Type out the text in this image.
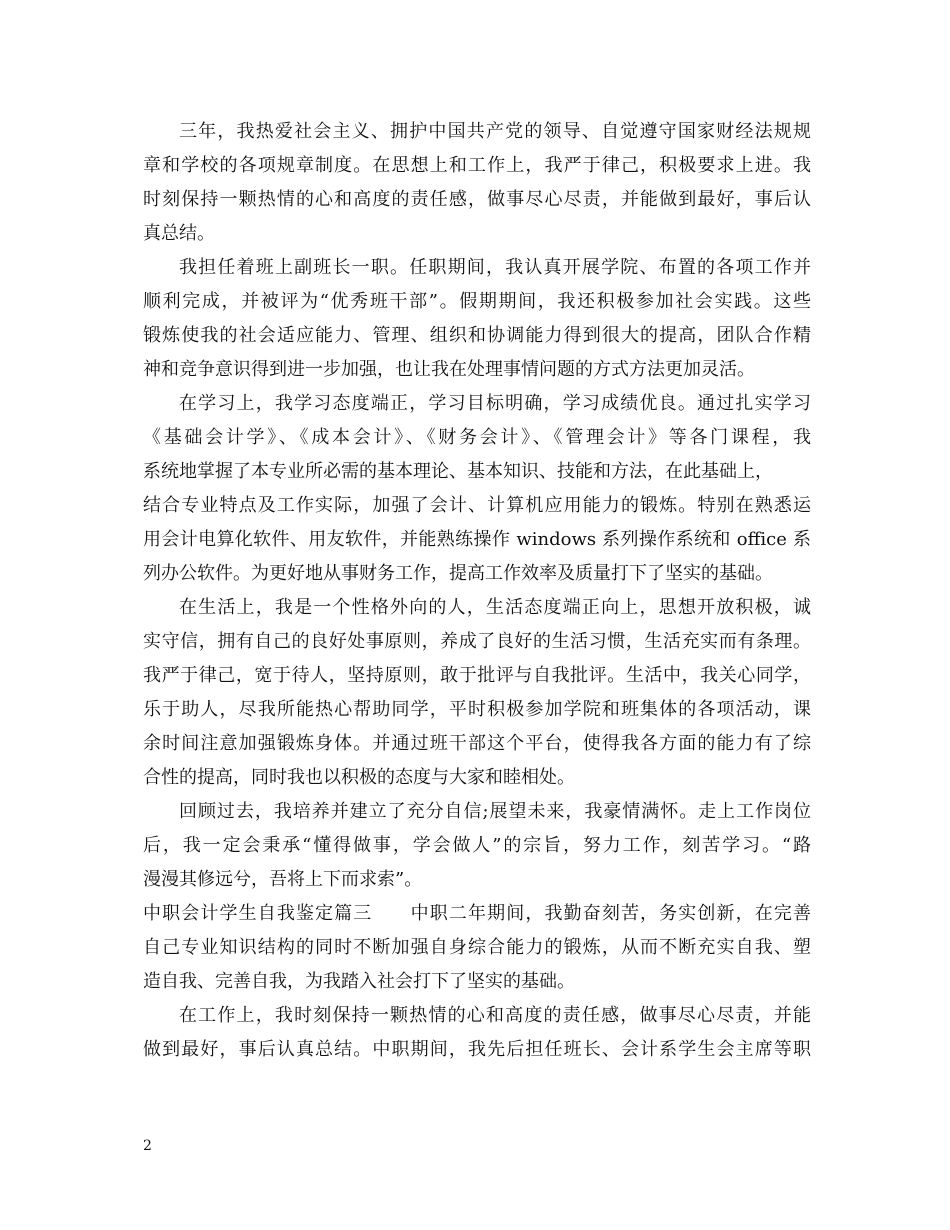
三年，我热爱社会主义、拥护中国共产党的领导、自觉遵守国家财经法规规
章和学校的各项规章制度。在思想上和工作上，我严于律己，积极要求上进。我
时刻保持一颗热情的心和高度的责任感，做事尽心尽责，并能做到最好，事后认
真总结。
我担任着班上副班长一职。任职期间，我认真开展学院、布置的各项工作并
顺利完成，并被评为“优秀班干部”。假期期间，我还积极参加社会实践。这些
锻炼使我的社会适应能力、管理、组织和协调能力得到很大的提高，团队合作精
神和竞争意识得到进一步加强，也让我在处理事情问题的方式方法更加灵活。
在学习上，我学习态度端正，学习目标明确，学习成绩优良。通过扎实学习
《基础会计学》、《成本会计》、《财务会计》、《管理会计》等各门课程，我
系统地掌握了本专业所必需的基本理论、基本知识、技能和方法，在此基础上，
结合专业特点及工作实际，加强了会计、计算机应用能力的锻炼。特别在熟悉运
用会计电算化软件、用友软件，并能熟练操作 windows 系列操作系统和 office 系
列办公软件。为更好地从事财务工作，提高工作效率及质量打下了坚实的基础。
在生活上，我是一个性格外向的人，生活态度端正向上，思想开放积极，诚
实守信，拥有自己的良好处事原则，养成了良好的生活习惯，生活充实而有条理。
我严于律己，宽于待人，坚持原则，敢于批评与自我批评。生活中，我关心同学，
乐于助人，尽我所能热心帮助同学，平时积极参加学院和班集体的各项活动，课
余时间注意加强锻炼身体。并通过班干部这个平台，使得我各方面的能力有了综
合性的提高，同时我也以积极的态度与大家和睦相处。
回顾过去，我培养并建立了充分自信;展望未来，我豪情满怀。走上工作岗位
后，我一定会秉承“懂得做事，学会做人”的宗旨，努力工作，刻苦学习。“路
漫漫其修远兮，吾将上下而求索”。
中职会计学生自我鉴定篇三　　中职二年期间，我勤奋刻苦，务实创新，在完善
自己专业知识结构的同时不断加强自身综合能力的锻炼，从而不断充实自我、塑
造自我、完善自我，为我踏入社会打下了坚实的基础。
在工作上，我时刻保持一颗热情的心和高度的责任感，做事尽心尽责，并能
做到最好，事后认真总结。中职期间，我先后担任班长、会计系学生会主席等职
2
